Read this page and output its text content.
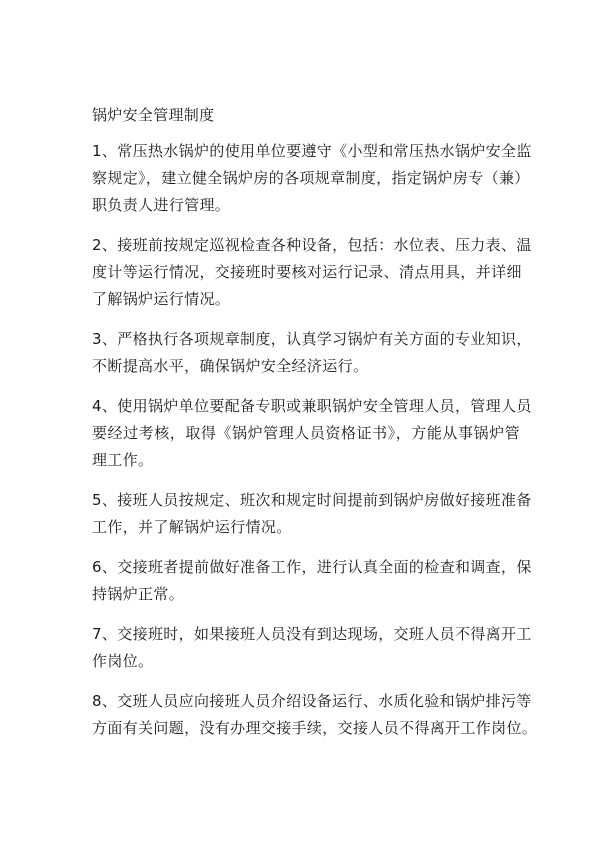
锅炉安全管理制度
1、常压热水锅炉的使用单位要遵守《小型和常压热水锅炉安全监
察规定》，建立健全锅炉房的各项规章制度，指定锅炉房专（兼）
职负责人进行管理。
2、接班前按规定巡视检查各种设备，包括：水位表、压力表、温
度计等运行情况，交接班时要核对运行记录、清点用具，并详细
了解锅炉运行情况。
3、严格执行各项规章制度，认真学习锅炉有关方面的专业知识，
不断提高水平，确保锅炉安全经济运行。
4、使用锅炉单位要配备专职或兼职锅炉安全管理人员，管理人员
要经过考核，取得《锅炉管理人员资格证书》，方能从事锅炉管
理工作。
5、接班人员按规定、班次和规定时间提前到锅炉房做好接班准备
工作，并了解锅炉运行情况。
6、交接班者提前做好准备工作，进行认真全面的检查和调查，保
持锅炉正常。
7、交接班时，如果接班人员没有到达现场，交班人员不得离开工
作岗位。
8、交班人员应向接班人员介绍设备运行、水质化验和锅炉排污等
方面有关问题，没有办理交接手续，交接人员不得离开工作岗位。
